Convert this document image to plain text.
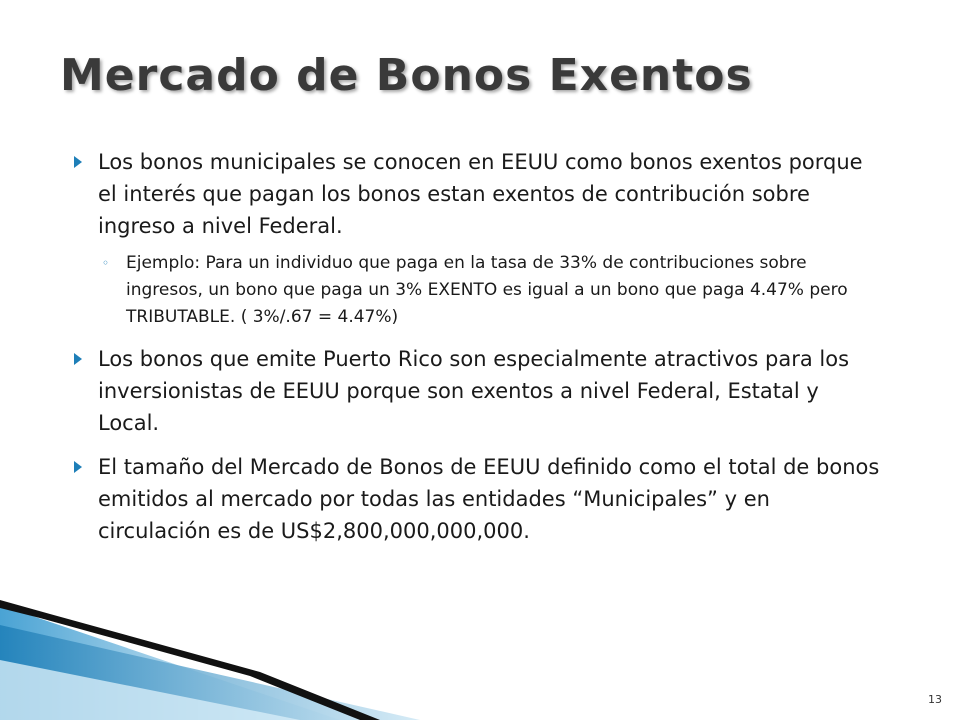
Mercado de Bonos Exentos
Los bonos municipales se conocen en EEUU como bonos exentos porque el interés que pagan los bonos estan exentos de contribución sobre ingreso a nivel Federal.
◦ Ejemplo: Para un individuo que paga en la tasa de 33% de contribuciones sobre ingresos, un bono que paga un 3% EXENTO es igual a un bono que paga 4.47% pero TRIBUTABLE. ( 3%/.67 = 4.47%)
Los bonos que emite Puerto Rico son especialmente atractivos para los inversionistas de EEUU porque son exentos a nivel Federal, Estatal y Local.
El tamaño del Mercado de Bonos de EEUU definido como el total de bonos emitidos al mercado por todas las entidades “Municipales” y en circulación es de US$2,800,000,000,000.
13
